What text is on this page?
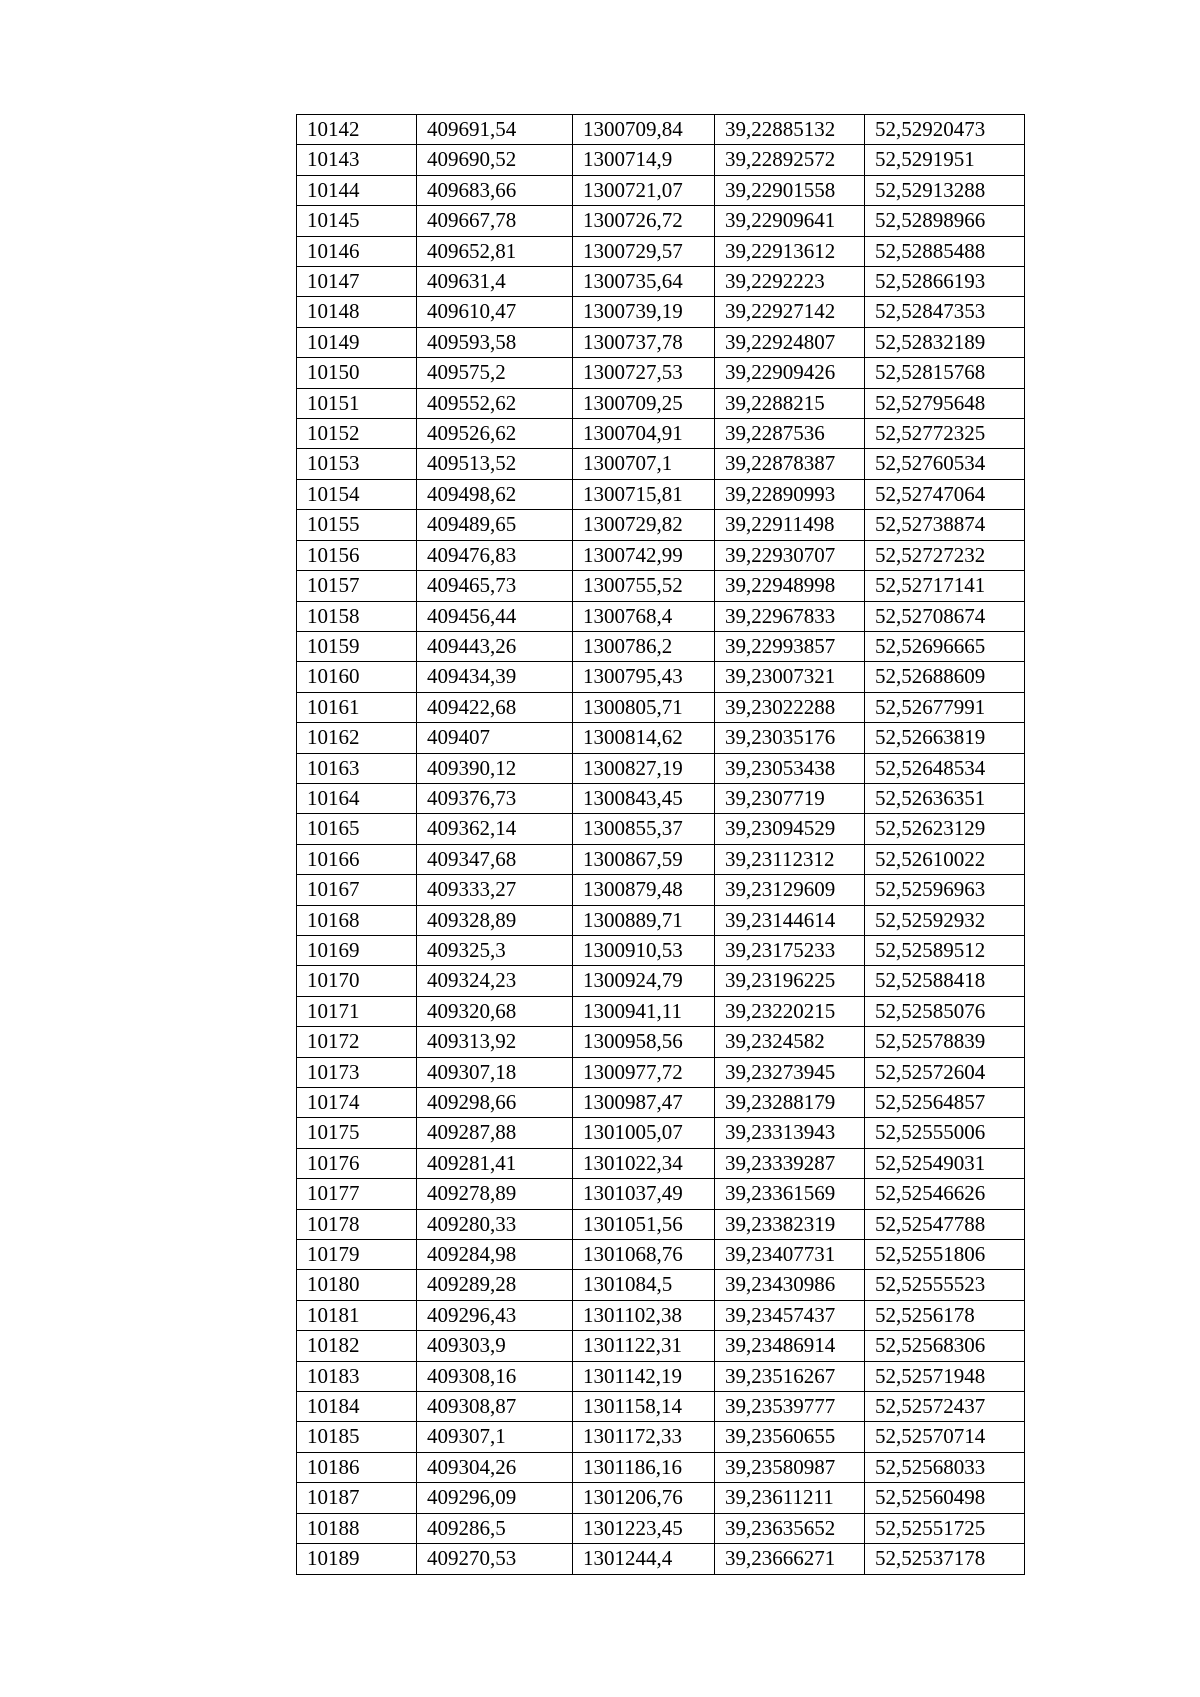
10142	409691,54	1300709,84	39,22885132	52,52920473
10143	409690,52	1300714,9	39,22892572	52,5291951
10144	409683,66	1300721,07	39,22901558	52,52913288
10145	409667,78	1300726,72	39,22909641	52,52898966
10146	409652,81	1300729,57	39,22913612	52,52885488
10147	409631,4	1300735,64	39,2292223	52,52866193
10148	409610,47	1300739,19	39,22927142	52,52847353
10149	409593,58	1300737,78	39,22924807	52,52832189
10150	409575,2	1300727,53	39,22909426	52,52815768
10151	409552,62	1300709,25	39,2288215	52,52795648
10152	409526,62	1300704,91	39,2287536	52,52772325
10153	409513,52	1300707,1	39,22878387	52,52760534
10154	409498,62	1300715,81	39,22890993	52,52747064
10155	409489,65	1300729,82	39,22911498	52,52738874
10156	409476,83	1300742,99	39,22930707	52,52727232
10157	409465,73	1300755,52	39,22948998	52,52717141
10158	409456,44	1300768,4	39,22967833	52,52708674
10159	409443,26	1300786,2	39,22993857	52,52696665
10160	409434,39	1300795,43	39,23007321	52,52688609
10161	409422,68	1300805,71	39,23022288	52,52677991
10162	409407	1300814,62	39,23035176	52,52663819
10163	409390,12	1300827,19	39,23053438	52,52648534
10164	409376,73	1300843,45	39,2307719	52,52636351
10165	409362,14	1300855,37	39,23094529	52,52623129
10166	409347,68	1300867,59	39,23112312	52,52610022
10167	409333,27	1300879,48	39,23129609	52,52596963
10168	409328,89	1300889,71	39,23144614	52,52592932
10169	409325,3	1300910,53	39,23175233	52,52589512
10170	409324,23	1300924,79	39,23196225	52,52588418
10171	409320,68	1300941,11	39,23220215	52,52585076
10172	409313,92	1300958,56	39,2324582	52,52578839
10173	409307,18	1300977,72	39,23273945	52,52572604
10174	409298,66	1300987,47	39,23288179	52,52564857
10175	409287,88	1301005,07	39,23313943	52,52555006
10176	409281,41	1301022,34	39,23339287	52,52549031
10177	409278,89	1301037,49	39,23361569	52,52546626
10178	409280,33	1301051,56	39,23382319	52,52547788
10179	409284,98	1301068,76	39,23407731	52,52551806
10180	409289,28	1301084,5	39,23430986	52,52555523
10181	409296,43	1301102,38	39,23457437	52,5256178
10182	409303,9	1301122,31	39,23486914	52,52568306
10183	409308,16	1301142,19	39,23516267	52,52571948
10184	409308,87	1301158,14	39,23539777	52,52572437
10185	409307,1	1301172,33	39,23560655	52,52570714
10186	409304,26	1301186,16	39,23580987	52,52568033
10187	409296,09	1301206,76	39,23611211	52,52560498
10188	409286,5	1301223,45	39,23635652	52,52551725
10189	409270,53	1301244,4	39,23666271	52,52537178
